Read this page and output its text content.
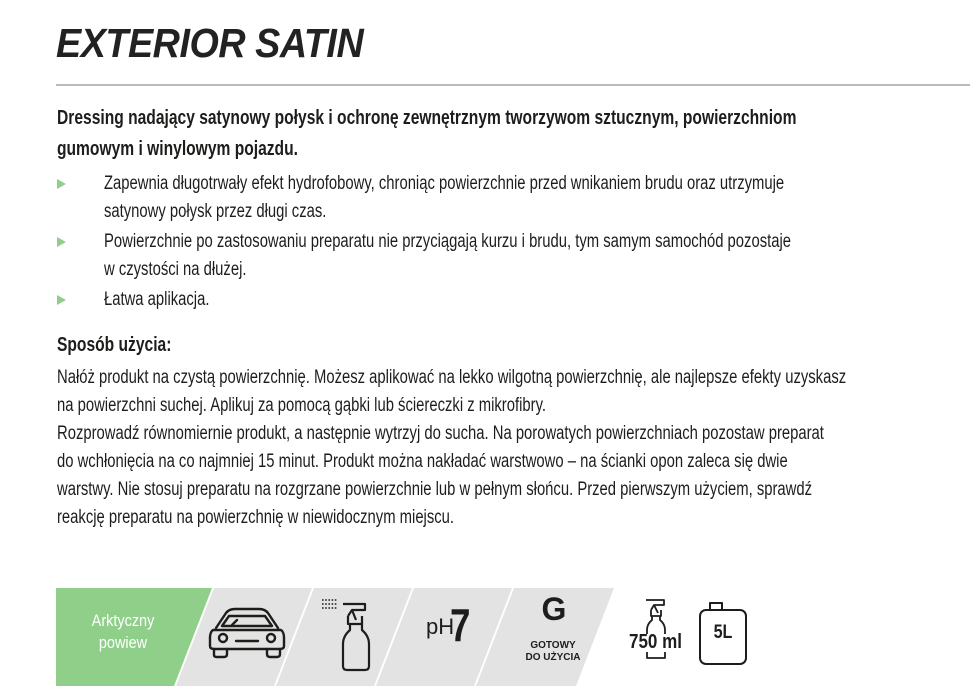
EXTERIOR SATIN
Dressing nadający satynowy połysk i ochronę zewnętrznym tworzywom sztucznym, powierzchniom
gumowym i winylowym pojazdu.
Zapewnia długotrwały efekt hydrofobowy, chroniąc powierzchnie przed wnikaniem brudu oraz utrzymuje
satynowy połysk przez długi czas.
Powierzchnie po zastosowaniu preparatu nie przyciągają kurzu i brudu, tym samym samochód pozostaje
w czystości na dłużej.
Łatwa aplikacja.
Sposób użycia:
Nałóż produkt na czystą powierzchnię. Możesz aplikować na lekko wilgotną powierzchnię, ale najlepsze efekty uzyskasz
na powierzchni suchej. Aplikuj za pomocą gąbki lub ściereczki z mikrofibry.
Rozprowadź równomiernie produkt, a następnie wytrzyj do sucha. Na porowatych powierzchniach pozostaw preparat
do wchłonięcia na co najmniej 15 minut. Produkt można nakładać warstwowo – na ścianki opon zaleca się dwie
warstwy. Nie stosuj preparatu na rozgrzane powierzchnie lub w pełnym słońcu. Przed pierwszym użyciem, sprawdź
reakcję preparatu na powierzchnię w niewidocznym miejscu.
Arktyczny
powiew
pH
7 G
GOTOWY
DO UŻYCIA
750 ml	5L
